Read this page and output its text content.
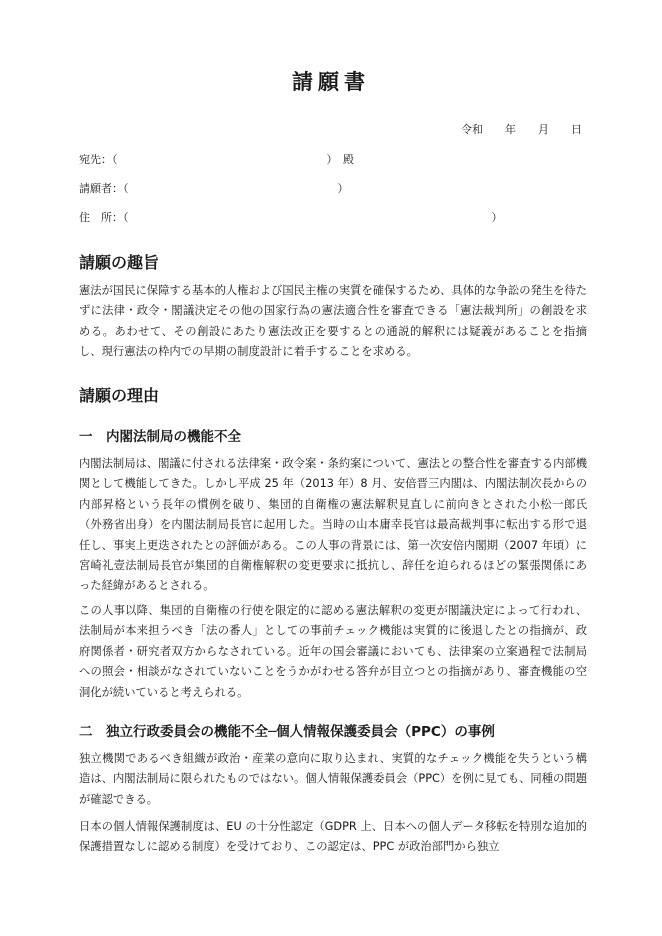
請願書
令和　　年　　月　　日
宛先：（　　　　　　　　　　　　　　　　　　　）　殿
請願者：（　　　　　　　　　　　　　　　　　　　）
住　所：（　　　　　　　　　　　　　　　　　　　　　　　　　　　　　　　　　）
請願の趣旨
憲法が国民に保障する基本的人権および国民主権の実質を確保するため、具体的な争訟の発生を待たずに法律・政令・閣議決定その他の国家行為の憲法適合性を審査できる「憲法裁判所」の創設を求める。あわせて、その創設にあたり憲法改正を要するとの通説的解釈には疑義があることを指摘し、現行憲法の枠内での早期の制度設計に着手することを求める。
請願の理由
一　内閣法制局の機能不全
内閣法制局は、閣議に付される法律案・政令案・条約案について、憲法との整合性を審査する内部機関として機能してきた。しかし平成 25 年（2013 年）8 月、安倍晋三内閣は、内閣法制次長からの内部昇格という長年の慣例を破り、集団的自衛権の憲法解釈見直しに前向きとされた小松一郎氏（外務省出身）を内閣法制局長官に起用した。当時の山本庸幸長官は最高裁判事に転出する形で退任し、事実上更迭されたとの評価がある。この人事の背景には、第一次安倍内閣期（2007 年頃）に宮崎礼壹法制局長官が集団的自衛権解釈の変更要求に抵抗し、辞任を迫られるほどの緊張関係にあった経緯があるとされる。
この人事以降、集団的自衛権の行使を限定的に認める憲法解釈の変更が閣議決定によって行われ、法制局が本来担うべき「法の番人」としての事前チェック機能は実質的に後退したとの指摘が、政府関係者・研究者双方からなされている。近年の国会審議においても、法律案の立案過程で法制局への照会・相談がなされていないことをうかがわせる答弁が目立つとの指摘があり、審査機能の空洞化が続いていると考えられる。
二　独立行政委員会の機能不全─個人情報保護委員会（PPC）の事例
独立機関であるべき組織が政治・産業の意向に取り込まれ、実質的なチェック機能を失うという構造は、内閣法制局に限られたものではない。個人情報保護委員会（PPC）を例に見ても、同種の問題が確認できる。
日本の個人情報保護制度は、EU の十分性認定（GDPR 上、日本への個人データ移転を特別な追加的保護措置なしに認める制度）を受けており、この認定は、PPC が政治部門から独立
